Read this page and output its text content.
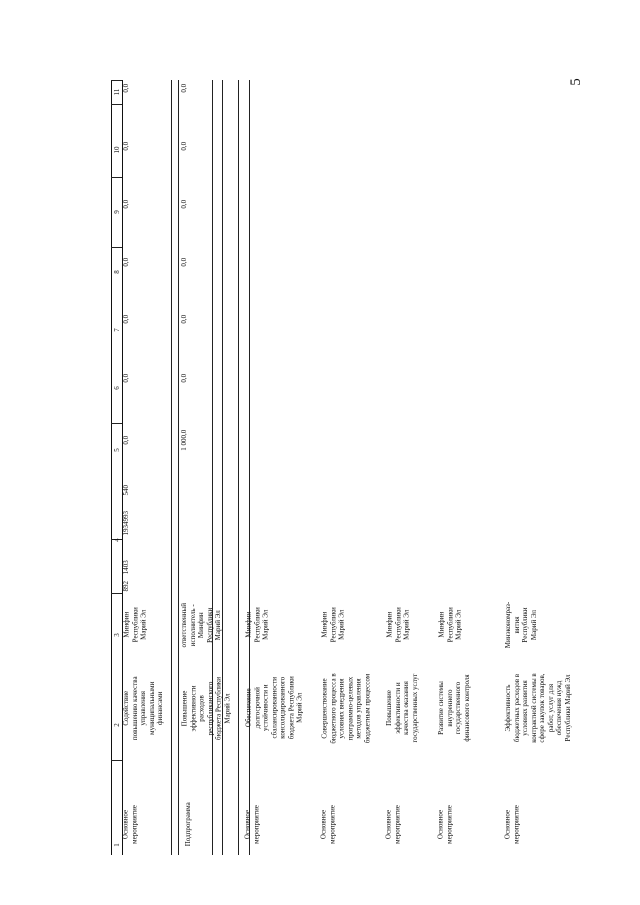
5
1
2
3
4
5
6
7
8
9
10
11
Основное
мероприятие
Содействие
повышению качества
управления
муниципальными
финансами
Минфин
Республики
Марий Эл
892
1403
1934993
540
0,0
0,0
0,0
0,0
0,0
0,0
0,0
Подпрограмма
Повышение
эффективности
расходов
республиканского
бюджета Республики
Марий Эл
ответственный
исполнитель -
Минфин
Республики
Марий Эл
1 000,0
0,0
0,0
0,0
0,0
0,0
0,0
Основное
мероприятие
Обеспечение
долгосрочной
устойчивости и
сбалансированности
консолидированного
бюджета Республики
Марий Эл
Минфин
Республики
Марий Эл
Основное
мероприятие
Совершенствование
бюджетного процесса в
условиях внедрения
программно-целевых
методов управления
бюджетным процессом
Минфин
Республики
Марий Эл
Основное
мероприятие
Повышение
эффективности и
качества оказания
государственных услуг
Минфин
Республики
Марий Эл
Основное
мероприятие
Развитие системы
внутреннего
государственного
финансового контроля
Минфин
Республики
Марий Эл
Основное
мероприятие
Эффективность
бюджетных расходов в
условиях развития
контрактной системы в
сфере закупок товаров,
работ, услуг для
обеспечения нужд
Республики Марий Эл
Минэкономраз-
вития
Республики
Марий Эл
